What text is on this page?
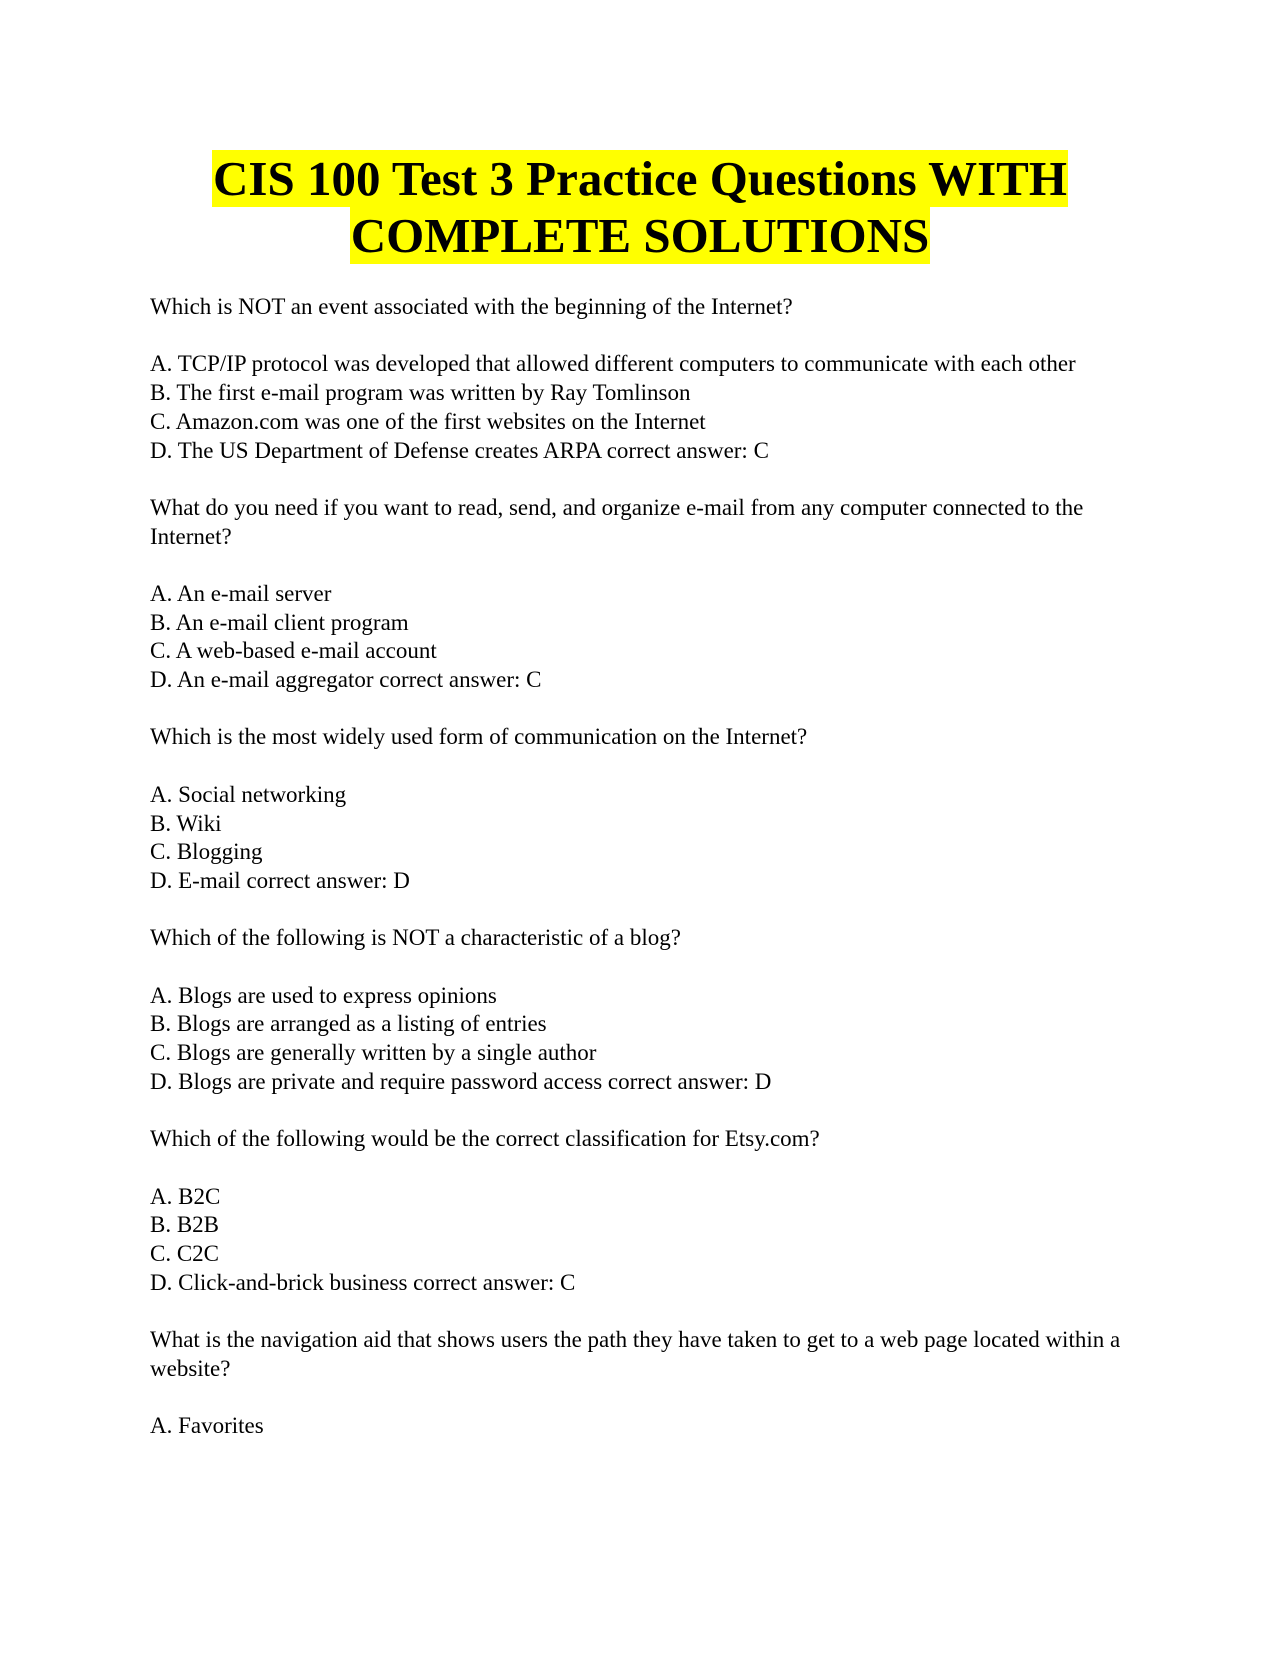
CIS 100 Test 3 Practice Questions WITH
COMPLETE SOLUTIONS
Which is NOT an event associated with the beginning of the Internet?
A. TCP/IP protocol was developed that allowed different computers to communicate with each other
B. The first e-mail program was written by Ray Tomlinson
C. Amazon.com was one of the first websites on the Internet
D. The US Department of Defense creates ARPA correct answer: C
What do you need if you want to read, send, and organize e-mail from any computer connected to the Internet?
A. An e-mail server
B. An e-mail client program
C. A web-based e-mail account
D. An e-mail aggregator correct answer: C
Which is the most widely used form of communication on the Internet?
A. Social networking
B. Wiki
C. Blogging
D. E-mail correct answer: D
Which of the following is NOT a characteristic of a blog?
A. Blogs are used to express opinions
B. Blogs are arranged as a listing of entries
C. Blogs are generally written by a single author
D. Blogs are private and require password access correct answer: D
Which of the following would be the correct classification for Etsy.com?
A. B2C
B. B2B
C. C2C
D. Click-and-brick business correct answer: C
What is the navigation aid that shows users the path they have taken to get to a web page located within a website?
A. Favorites
